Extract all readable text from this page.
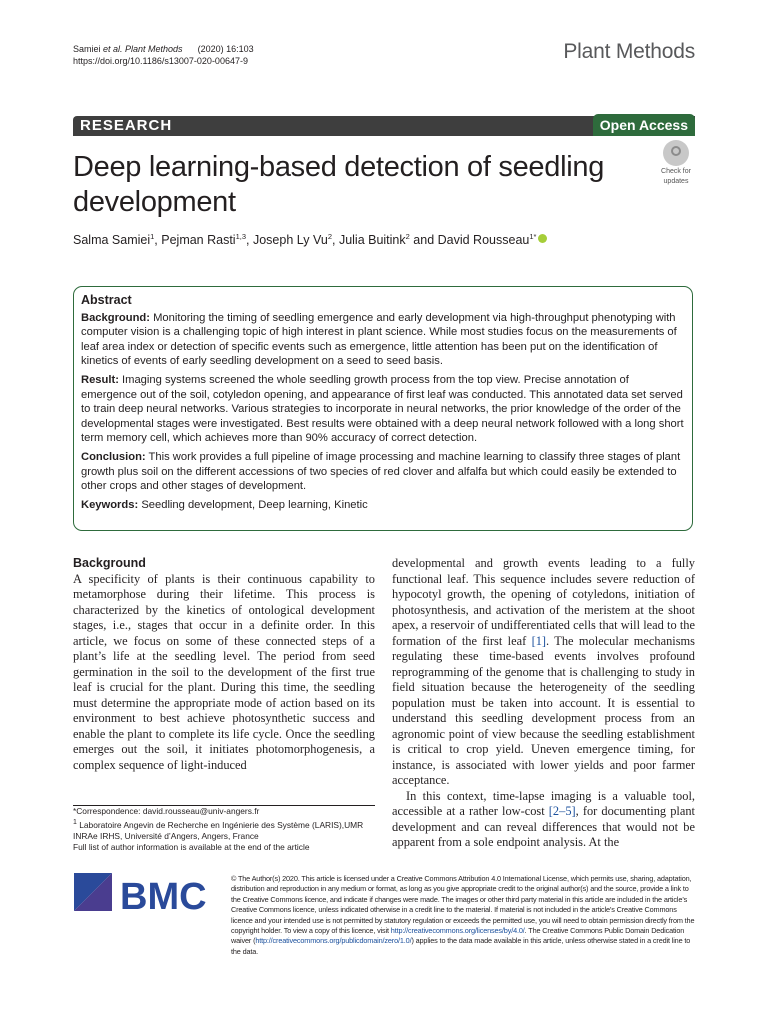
Samiei et al. Plant Methods (2020) 16:103
https://doi.org/10.1186/s13007-020-00647-9	Plant Methods
RESEARCH	Open Access
Deep learning-based detection of seedling development
Check for
updates
Salma Samiei$^1$, Pejman Rasti$^{1,3}$, Joseph Ly Vu$^2$, Julia Buitink$^2$ and David Rousseau$^{1*}$
Abstract

Background: Monitoring the timing of seedling emergence and early development via high-throughput phenotyping with computer vision is a challenging topic of high interest in plant science. While most studies focus on the measurements of leaf area index or detection of specific events such as emergence, little attention has been put on the identification of kinetics of events of early seedling development on a seed to seed basis.

Result: Imaging systems screened the whole seedling growth process from the top view. Precise annotation of emergence out of the soil, cotyledon opening, and appearance of first leaf was conducted. This annotated data set served to train deep neural networks. Various strategies to incorporate in neural networks, the prior knowledge of the order of the developmental stages were investigated. Best results were obtained with a deep neural network followed with a long short term memory cell, which achieves more than 90% accuracy of correct detection.

Conclusion: This work provides a full pipeline of image processing and machine learning to classify three stages of plant growth plus soil on the different accessions of two species of red clover and alfalfa but which could easily be extended to other crops and other stages of development.

Keywords: Seedling development, Deep learning, Kinetic

Background

A specificity of plants is their continuous capability to metamorphose during their lifetime. This process is characterized by the kinetics of ontological development stages, i.e., stages that occur in a definite order. In this article, we focus on some of these connected steps of a plant’s life at the seedling level. The period from seed germination in the soil to the development of the first true leaf is crucial for the plant. During this time, the seedling must determine the appropriate mode of action based on its environment to best achieve photosynthetic success and enable the plant to complete its life cycle. Once the seedling emerges out the soil, it initiates photomorphogenesis, a complex sequence of light-induced

developmental and growth events leading to a fully functional leaf. This sequence includes severe reduction of hypocotyl growth, the opening of cotyledons, initiation of photosynthesis, and activation of the meristem at the shoot apex, a reservoir of undifferentiated cells that will lead to the formation of the first leaf [1]. The molecular mechanisms regulating these time-based events involves profound reprogramming of the genome that is challenging to study in field situation because the heterogeneity of the seedling population must be taken into account. It is essential to understand this seedling development process from an agronomic point of view because the seedling establishment is critical to crop yield. Uneven emergence timing, for instance, is associated with lower yields and poor farmer acceptance.

In this context, time-lapse imaging is a valuable tool, accessible at a rather low-cost [2–5], for documenting plant development and can reveal differences that would not be apparent from a sole endpoint analysis. At the

*Correspondence: david.rousseau@univ-angers.fr

$^1$ Laboratoire Angevin de Recherche en Ingénierie des Système (LARIS),UMR INRAe IRHS, Université d’Angers, Angers, France

Full list of author information is available at the end of the article

BMC	© The Author(s) 2020. This article is licensed under a Creative Commons Attribution 4.0 International License, which permits use, sharing, adaptation, distribution and reproduction in any medium or format, as long as you give appropriate credit to the original author(s) and the source, provide a link to the Creative Commons licence, and indicate if changes were made. The images or other third party material in this article are included in the article’s Creative Commons licence, unless indicated otherwise in a credit line to the material. If material is not included in the article’s Creative Commons licence and your intended use is not permitted by statutory regulation or exceeds the permitted use, you will need to obtain permission directly from the copyright holder. To view a copy of this licence, visit http://creativecommons.org/licenses/by/4.0/. The Creative Commons Public Domain Dedication waiver (http://creativecommons.org/publicdomain/zero/1.0/) applies to the data made available in this article, unless otherwise stated in a credit line to the data.
